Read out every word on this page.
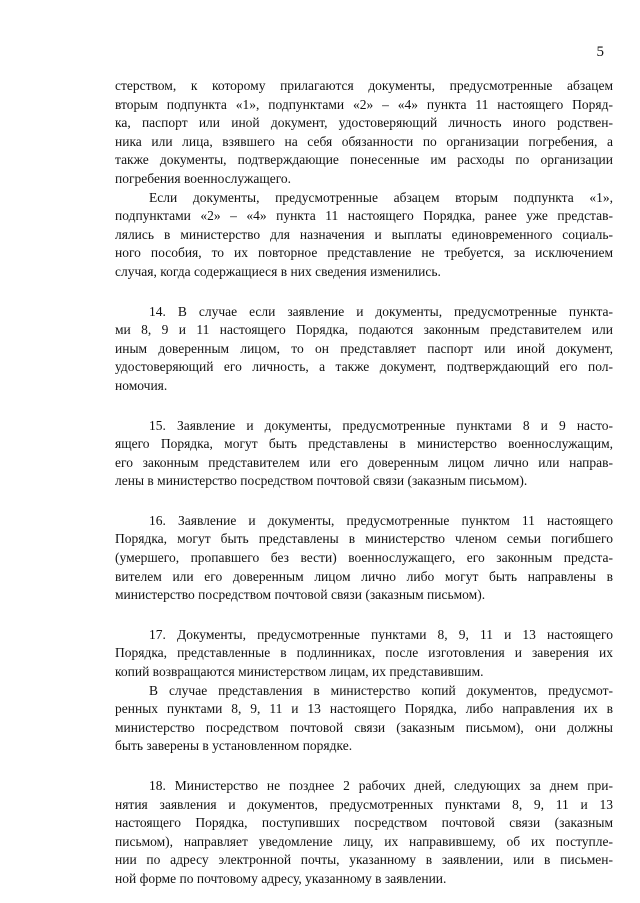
5
стерством, к которому прилагаются документы, предусмотренные абзацем
вторым подпункта «1», подпунктами «2» – «4» пункта 11 настоящего Поряд-
ка, паспорт или иной документ, удостоверяющий личность иного родствен-
ника или лица, взявшего на себя обязанности по организации погребения, а
также документы, подтверждающие понесенные им расходы по организации
погребения военнослужащего.
Если документы, предусмотренные абзацем вторым подпункта «1»,
подпунктами «2» – «4» пункта 11 настоящего Порядка, ранее уже представ-
лялись в министерство для назначения и выплаты единовременного социаль-
ного пособия, то их повторное представление не требуется, за исключением
случая, когда содержащиеся в них сведения изменились.
14. В случае если заявление и документы, предусмотренные пункта-
ми 8, 9 и 11 настоящего Порядка, подаются законным представителем или
иным доверенным лицом, то он представляет паспорт или иной документ,
удостоверяющий его личность, а также документ, подтверждающий его пол-
номочия.
15. Заявление и документы, предусмотренные пунктами 8 и 9 насто-
ящего Порядка, могут быть представлены в министерство военнослужащим,
его законным представителем или его доверенным лицом лично или направ-
лены в министерство посредством почтовой связи (заказным письмом).
16. Заявление и документы, предусмотренные пунктом 11 настоящего
Порядка, могут быть представлены в министерство членом семьи погибшего
(умершего, пропавшего без вести) военнослужащего, его законным предста-
вителем или его доверенным лицом лично либо могут быть направлены в
министерство посредством почтовой связи (заказным письмом).
17. Документы, предусмотренные пунктами 8, 9, 11 и 13 настоящего
Порядка, представленные в подлинниках, после изготовления и заверения их
копий возвращаются министерством лицам, их представившим.
В случае представления в министерство копий документов, предусмот-
ренных пунктами 8, 9, 11 и 13 настоящего Порядка, либо направления их в
министерство посредством почтовой связи (заказным письмом), они должны
быть заверены в установленном порядке.
18. Министерство не позднее 2 рабочих дней, следующих за днем при-
нятия заявления и документов, предусмотренных пунктами 8, 9, 11 и 13
настоящего Порядка, поступивших посредством почтовой связи (заказным
письмом), направляет уведомление лицу, их направившему, об их поступле-
нии по адресу электронной почты, указанному в заявлении, или в письмен-
ной форме по почтовому адресу, указанному в заявлении.
